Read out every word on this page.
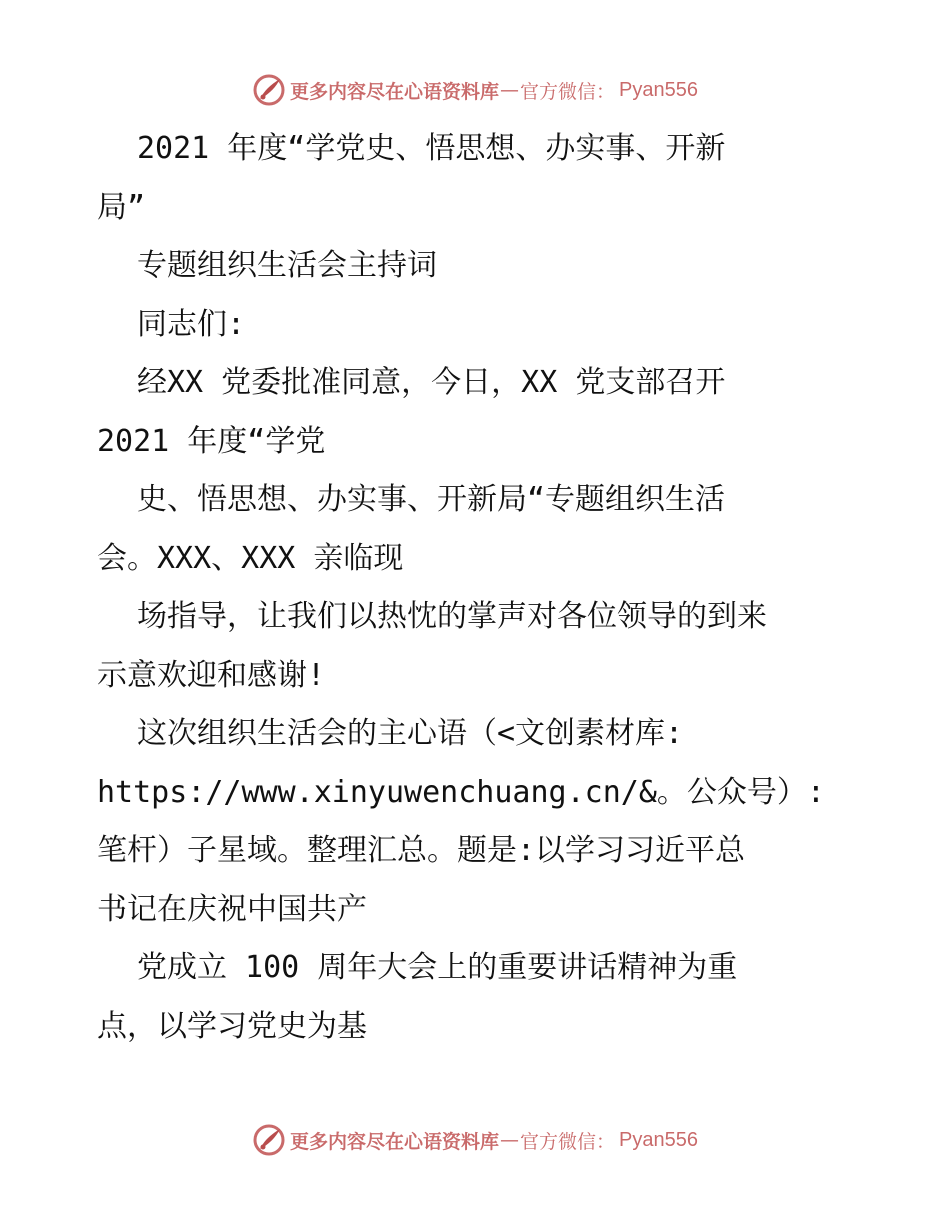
更多内容尽在心语资料库 — 官方微信： Pyan556
2021 年度“学党史、悟思想、办实事、开新
局”
专题组织生活会主持词
同志们:
经XX 党委批准同意，今日，XX 党支部召开
2021 年度“学党
史、悟思想、办实事、开新局“专题组织生活
会。XXX、XXX 亲临现
场指导，让我们以热忱的掌声对各位领导的到来
示意欢迎和感谢!
这次组织生活会的主心语（<文创素材库:
https://www.xinyuwenchuang.cn/&。公众号）:
笔杆）子星域。整理汇总。题是:以学习习近平总
书记在庆祝中国共产
党成立 100 周年大会上的重要讲话精神为重
点，以学习党史为基
更多内容尽在心语资料库 — 官方微信： Pyan556
